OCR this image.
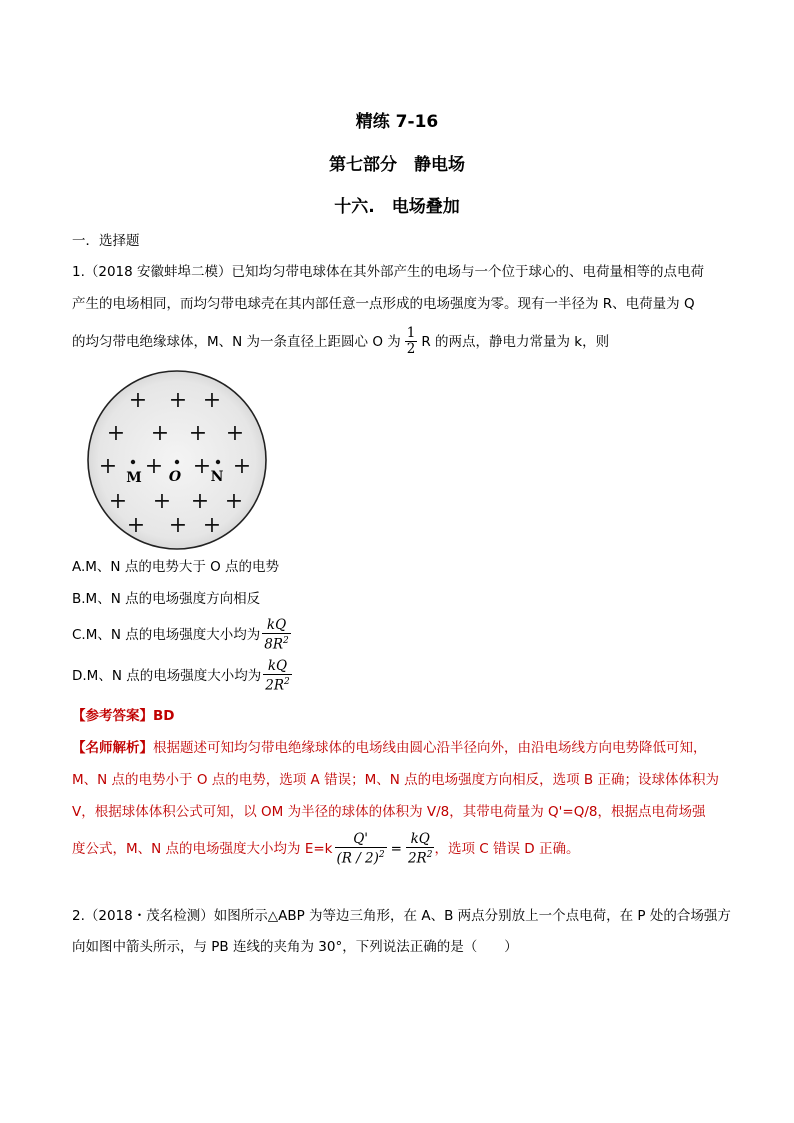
精练 7-16
第七部分　静电场
十六.　电场叠加
一．选择题
1.（2018 安徽蚌埠二模）已知均匀带电球体在其外部产生的电场与一个位于球心的、电荷量相等的点电荷
产生的电场相同，而均匀带电球壳在其内部任意一点形成的电场强度为零。现有一半径为 R、电荷量为 Q
的均匀带电绝缘球体，M、N 为一条直径上距圆心 O 为 $\frac{1}{2}$ R 的两点，静电力常量为 k，则
+ + +
+ + + +
+ + + +
+ + + +
+ + +
M O N
A.M、N 点的电势大于 O 点的电势
B.M、N 点的电场强度方向相反
C.M、N 点的电场强度大小均为 $\frac{kQ}{8R^2}$
D.M、N 点的电场强度大小均为 $\frac{kQ}{2R^2}$
【参考答案】BD
【名师解析】根据题述可知均匀带电绝缘球体的电场线由圆心沿半径向外，由沿电场线方向电势降低可知，
M、N 点的电势小于 O 点的电势，选项 A 错误；M、N 点的电场强度方向相反，选项 B 正确；设球体体积为
V，根据球体体积公式可知，以 OM 为半径的球体的体积为 V/8，其带电荷量为 Q'=Q/8，根据点电荷场强
度公式，M、N 点的电场强度大小均为 $E=k \frac{Q'}{(R / 2)^2} = \frac{kQ}{2R^2}$ ，选项 C 错误 D 正确。
2.（2018・茂名检测）如图所示△ABP 为等边三角形，在 A、B 两点分别放上一个点电荷，在 P 处的合场强方
向如图中箭头所示，与 PB 连线的夹角为 30°，下列说法正确的是（　　）
